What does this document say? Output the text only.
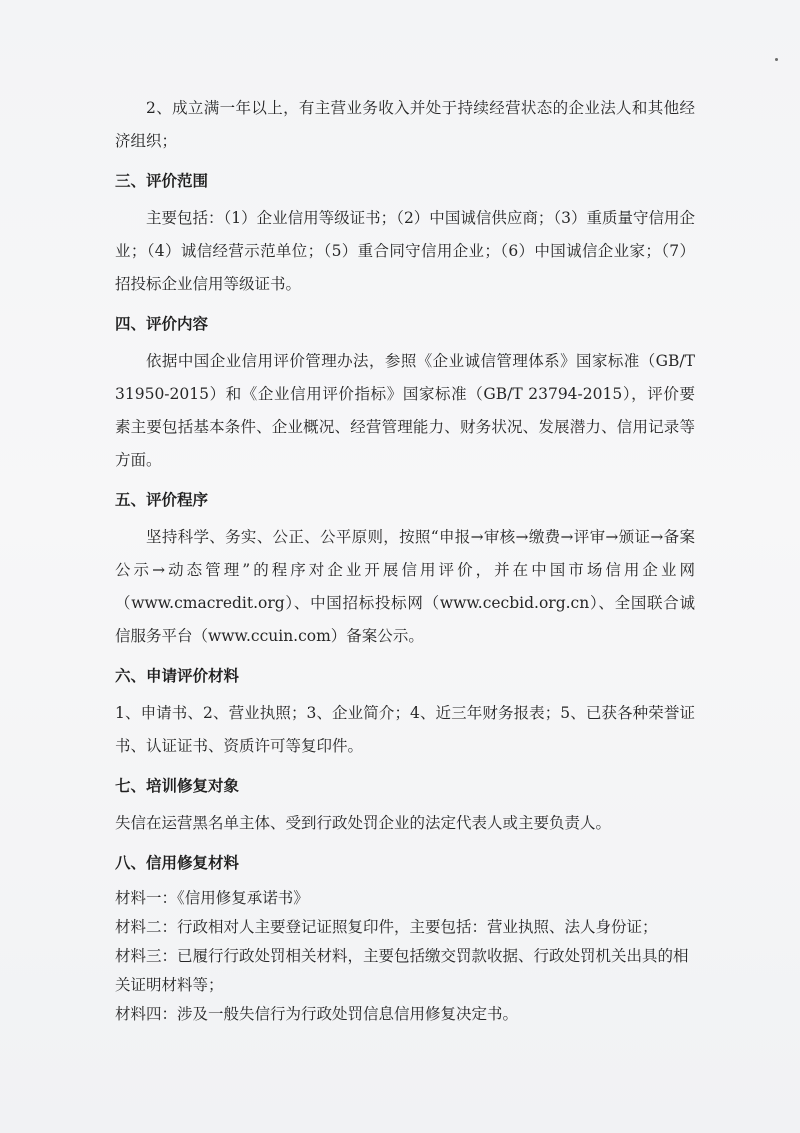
2、成立满一年以上，有主营业务收入并处于持续经营状态的企业法人和其他经济组织；

三、评价范围

主要包括：（1）企业信用等级证书；（2）中国诚信供应商；（3）重质量守信用企业；（4）诚信经营示范单位；（5）重合同守信用企业；（6）中国诚信企业家；（7）招投标企业信用等级证书。

四、评价内容

依据中国企业信用评价管理办法，参照《企业诚信管理体系》国家标准（GB/T 31950-2015）和《企业信用评价指标》国家标准（GB/T 23794-2015），评价要素主要包括基本条件、企业概况、经营管理能力、财务状况、发展潜力、信用记录等方面。

五、评价程序

坚持科学、务实、公正、公平原则，按照“申报→审核→缴费→评审→颁证→备案公示→动态管理”的程序对企业开展信用评价，并在中国市场信用企业网（www.cmacredit.org）、中国招标投标网（www.cecbid.org.cn）、全国联合诚信服务平台（www.ccuin.com）备案公示。

六、申请评价材料

1、申请书、2、营业执照；3、企业简介；4、近三年财务报表；5、已获各种荣誉证书、认证证书、资质许可等复印件。

七、培训修复对象

失信在运营黑名单主体、受到行政处罚企业的法定代表人或主要负责人。

八、信用修复材料

材料一：《信用修复承诺书》

材料二：行政相对人主要登记证照复印件，主要包括：营业执照、法人身份证；

材料三：已履行行政处罚相关材料，主要包括缴交罚款收据、行政处罚机关出具的相关证明材料等；

材料四：涉及一般失信行为行政处罚信息信用修复决定书。
